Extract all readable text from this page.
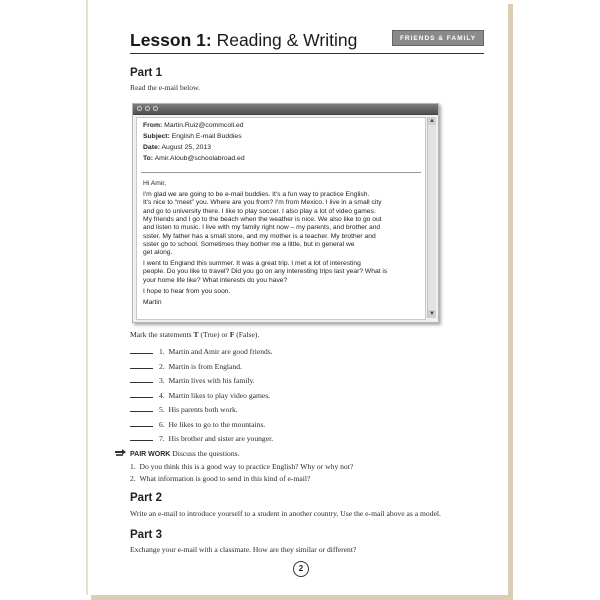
Lesson 1: Reading & Writing	FRIENDS & FAMILY
Part 1
Read the e-mail below.
From: Martin.Ruiz@commcoll.ed
Subject: English E-mail Buddies
Date: August 25, 2013
To: Amir.Aloub@schoolabroad.ed
Hi Amir,
I'm glad we are going to be e-mail buddies. It's a fun way to practice English.
It's nice to “meet” you. Where are you from? I'm from Mexico. I live in a small city
and go to university there. I like to play soccer. I also play a lot of video games.
My friends and I go to the beach when the weather is nice. We also like to go out
and listen to music. I live with my family right now – my parents, and brother and
sister. My father has a small store, and my mother is a teacher. My brother and
sister go to school. Sometimes they bother me a little, but in general we
get along.
I went to England this summer. It was a great trip. I met a lot of interesting
people. Do you like to travel? Did you go on any interesting trips last year? What is
your home life like? What interests do you have?
I hope to hear from you soon.
Martin
▲
▼
Mark the statements T (True) or F (False).
1.  Martin and Amir are good friends.
2.  Martin is from England.
3.  Martin lives with his family.
4.  Martin likes to play video games.
5.  His parents both work.
6.  He likes to go to the mountains.
7.  His brother and sister are younger.
PAIR WORK Discuss the questions.
1.  Do you think this is a good way to practice English? Why or why not?
2.  What information is good to send in this kind of e-mail?
Part 2
Write an e-mail to introduce yourself to a student in another country. Use the e-mail above as a model.
Part 3
Exchange your e-mail with a classmate. How are they similar or different?
2
